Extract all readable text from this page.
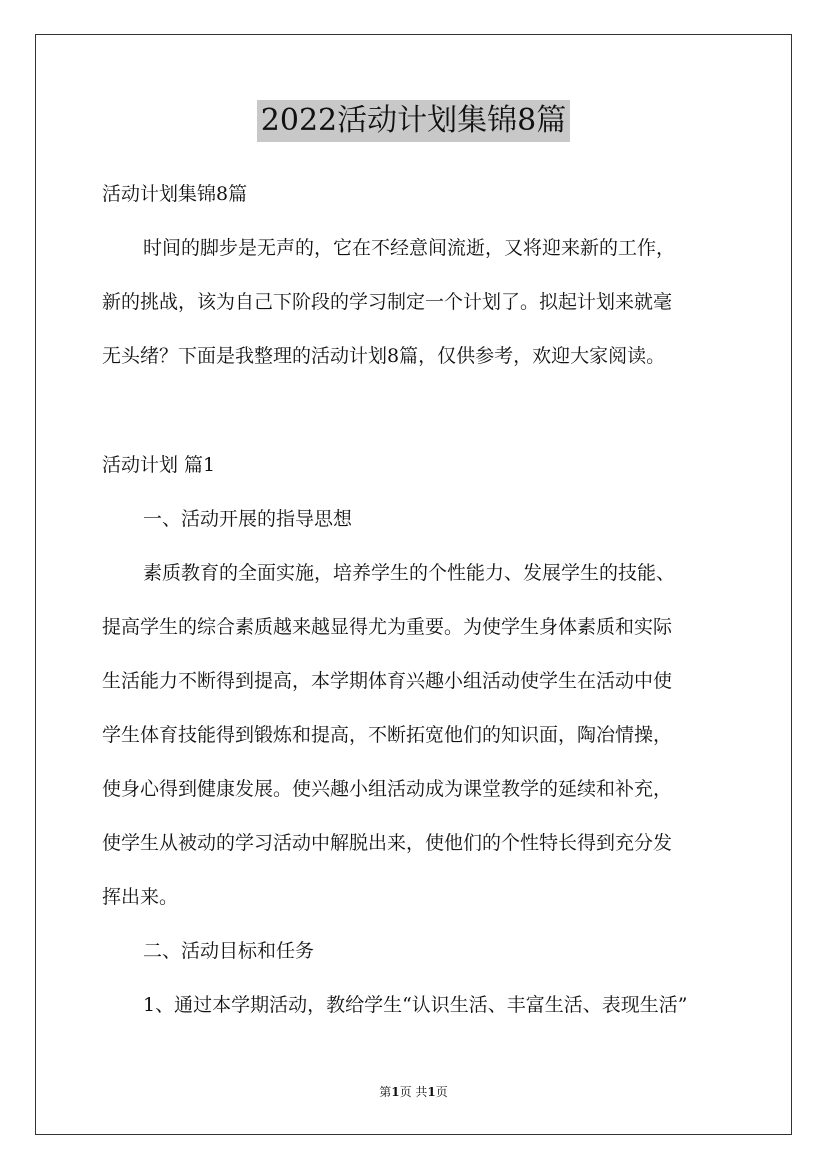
2022活动计划集锦8篇
活动计划集锦8篇
时间的脚步是无声的，它在不经意间流逝，又将迎来新的工作，
新的挑战，该为自己下阶段的学习制定一个计划了。拟起计划来就毫
无头绪？下面是我整理的活动计划8篇，仅供参考，欢迎大家阅读。
活动计划 篇1
一、活动开展的指导思想
素质教育的全面实施，培养学生的个性能力、发展学生的技能、
提高学生的综合素质越来越显得尤为重要。为使学生身体素质和实际
生活能力不断得到提高，本学期体育兴趣小组活动使学生在活动中使
学生体育技能得到锻炼和提高，不断拓宽他们的知识面，陶冶情操，
使身心得到健康发展。使兴趣小组活动成为课堂教学的延续和补充，
使学生从被动的学习活动中解脱出来，使他们的个性特长得到充分发
挥出来。
二、活动目标和任务
1、通过本学期活动，教给学生“认识生活、丰富生活、表现生活”
第1页 共1页
